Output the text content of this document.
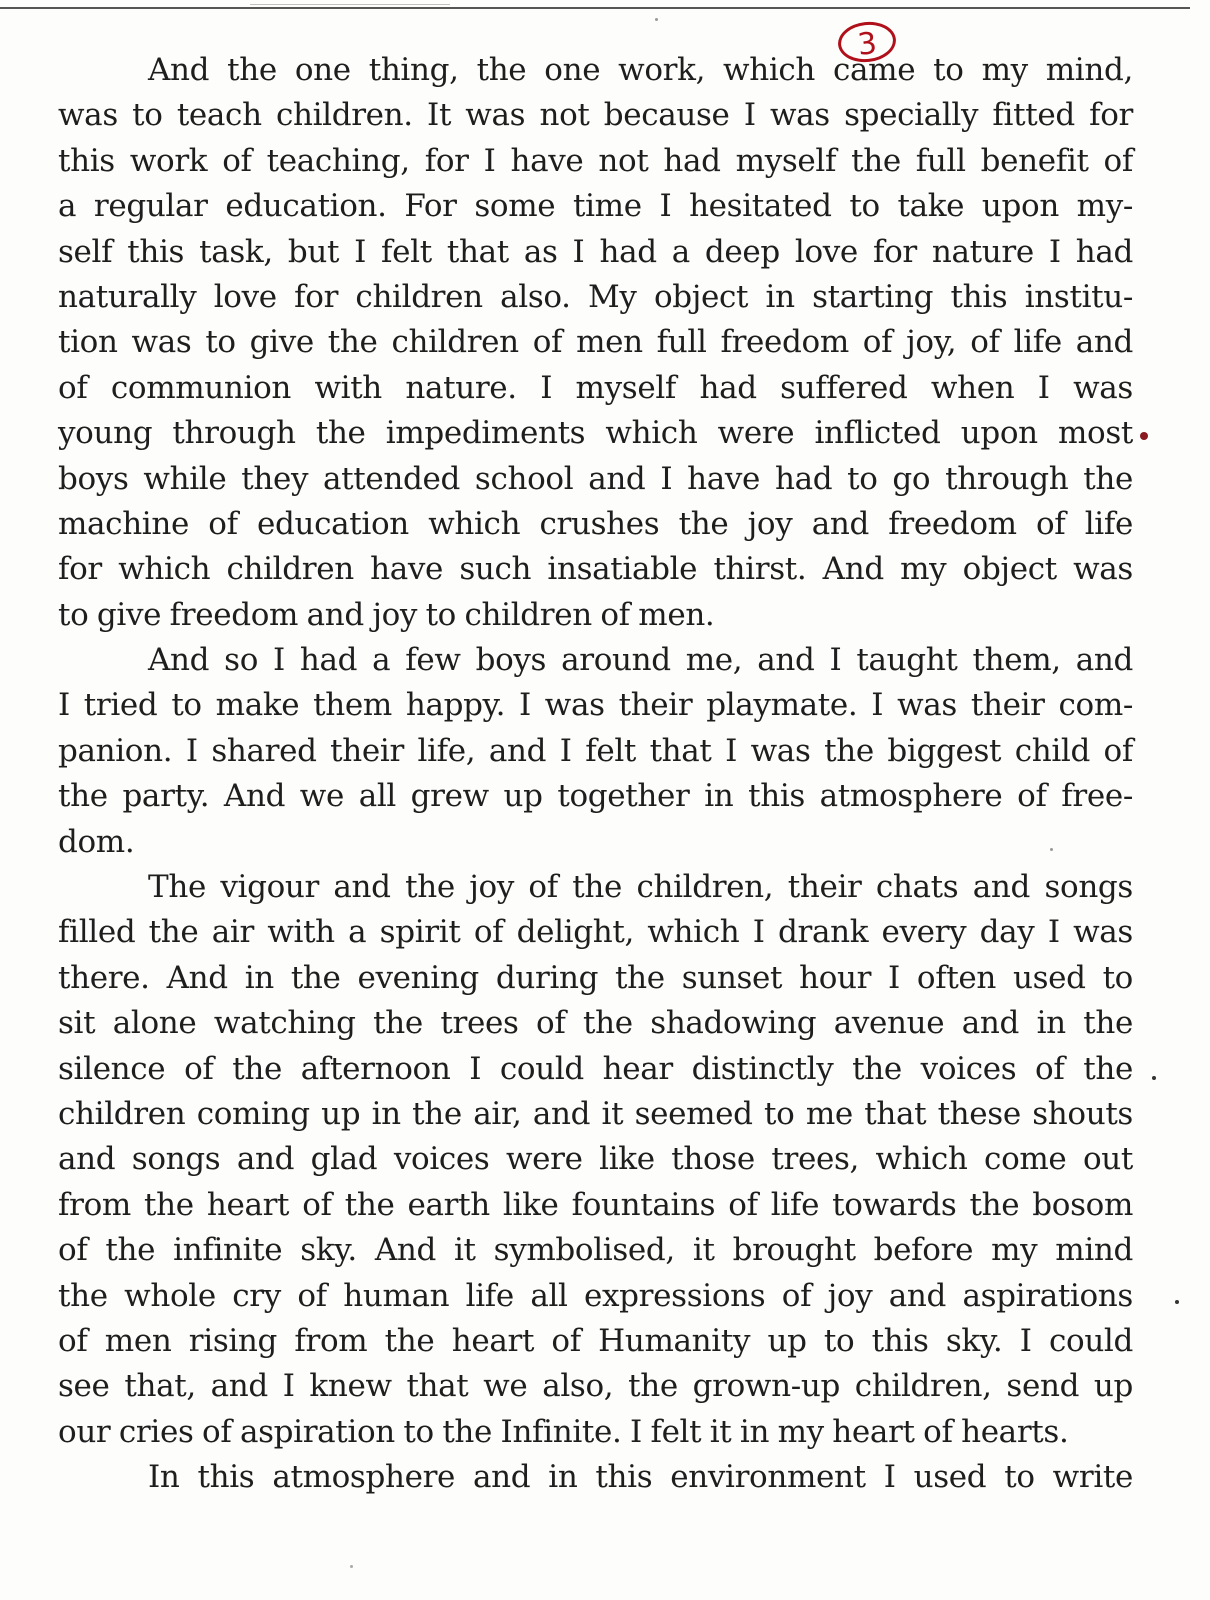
3
And the one thing, the one work, which came to my mind,
was to teach children. It was not because I was specially fitted for
this work of teaching, for I have not had myself the full benefit of
a regular education. For some time I hesitated to take upon my-
self this task, but I felt that as I had a deep love for nature I had
naturally love for children also. My object in starting this institu-
tion was to give the children of men full freedom of joy, of life and
of communion with nature. I myself had suffered when I was
young through the impediments which were inflicted upon most
boys while they attended school and I have had to go through the
machine of education which crushes the joy and freedom of life
for which children have such insatiable thirst. And my object was
to give freedom and joy to children of men.
And so I had a few boys around me, and I taught them, and
I tried to make them happy. I was their playmate. I was their com-
panion. I shared their life, and I felt that I was the biggest child of
the party. And we all grew up together in this atmosphere of free-
dom.
The vigour and the joy of the children, their chats and songs
filled the air with a spirit of delight, which I drank every day I was
there. And in the evening during the sunset hour I often used to
sit alone watching the trees of the shadowing avenue and in the
silence of the afternoon I could hear distinctly the voices of the
children coming up in the air, and it seemed to me that these shouts
and songs and glad voices were like those trees, which come out
from the heart of the earth like fountains of life towards the bosom
of the infinite sky. And it symbolised, it brought before my mind
the whole cry of human life all expressions of joy and aspirations
of men rising from the heart of Humanity up to this sky. I could
see that, and I knew that we also, the grown-up children, send up
our cries of aspiration to the Infinite. I felt it in my heart of hearts.
In this atmosphere and in this environment I used to write
